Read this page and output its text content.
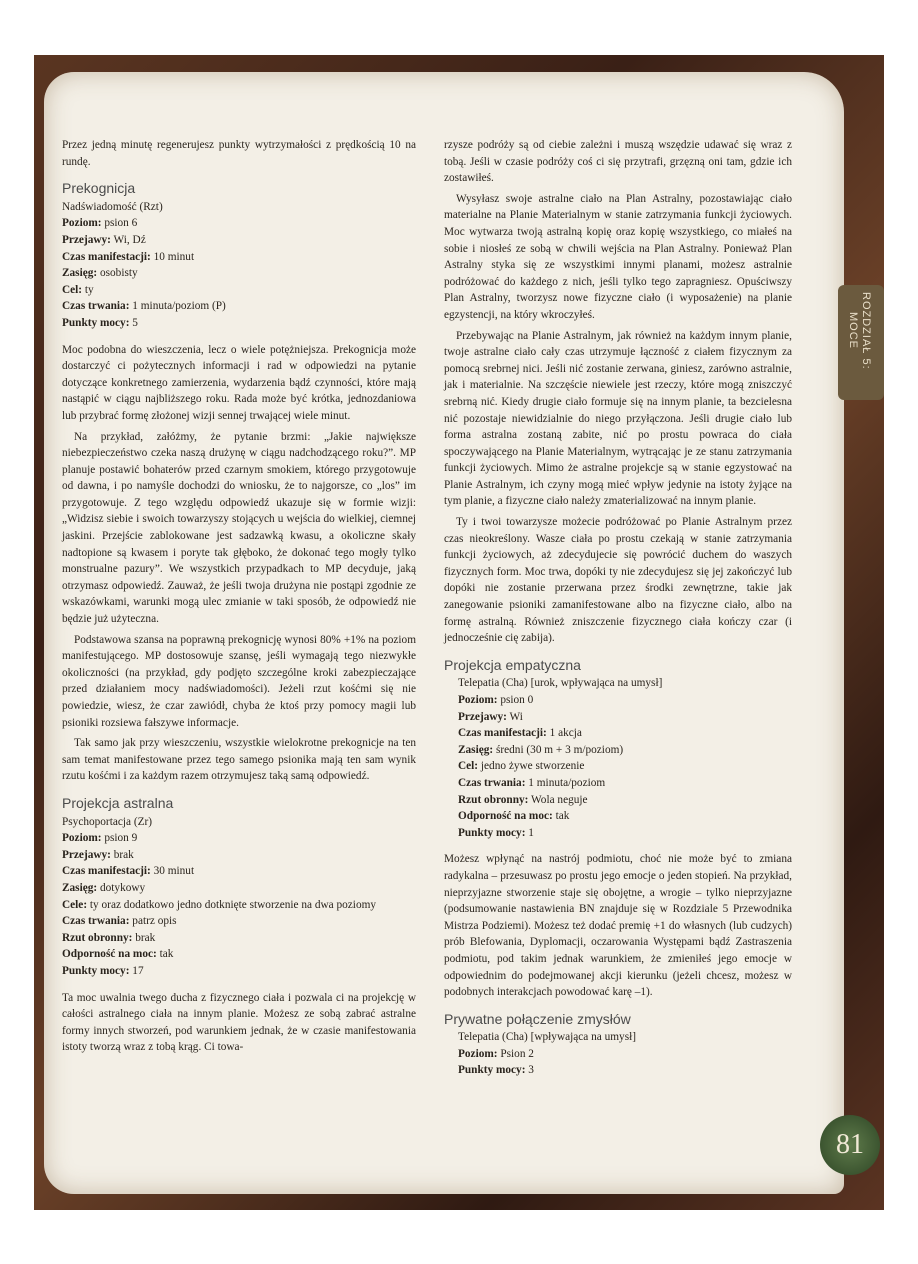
ROZDZIAŁ 5:
MOCE
81

Przez jedną minutę regenerujesz punkty wytrzymałości z prędkością 10 na rundę.

Prekognicja
Nadświadomość (Rzt)
Poziom: psion 6
Przejawy: Wi, Dź
Czas manifestacji: 10 minut
Zasięg: osobisty
Cel: ty
Czas trwania: 1 minuta/poziom (P)
Punkty mocy: 5

Moc podobna do wieszczenia, lecz o wiele potężniejsza. Prekognicja może dostarczyć ci pożytecznych informacji i rad w odpowiedzi na pytanie dotyczące konkretnego zamierzenia, wydarzenia bądź czynności, które mają nastąpić w ciągu najbliższego roku. Rada może być krótka, jednozdaniowa lub przybrać formę złożonej wizji sennej trwającej wiele minut.

Na przykład, załóżmy, że pytanie brzmi: „Jakie największe niebezpieczeństwo czeka naszą drużynę w ciągu nadchodzącego roku?”. MP planuje postawić bohaterów przed czarnym smokiem, którego przygotowuje od dawna, i po namyśle dochodzi do wniosku, że to najgorsze, co „los” im przygotowuje. Z tego względu odpowiedź ukazuje się w formie wizji: „Widzisz siebie i swoich towarzyszy stojących u wejścia do wielkiej, ciemnej jaskini. Przejście zablokowane jest sadzawką kwasu, a okoliczne skały nadtopione są kwasem i poryte tak głęboko, że dokonać tego mogły tylko monstrualne pazury”. We wszystkich przypadkach to MP decyduje, jaką otrzymasz odpowiedź. Zauważ, że jeśli twoja drużyna nie postąpi zgodnie ze wskazówkami, warunki mogą ulec zmianie w taki sposób, że odpowiedź nie będzie już użyteczna.

Podstawowa szansa na poprawną prekognicję wynosi 80% +1% na poziom manifestującego. MP dostosowuje szansę, jeśli wymagają tego niezwykłe okoliczności (na przykład, gdy podjęto szczególne kroki zabezpieczające przed działaniem mocy nadświadomości). Jeżeli rzut kośćmi się nie powiedzie, wiesz, że czar zawiódł, chyba że ktoś przy pomocy magii lub psioniki rozsiewa fałszywe informacje.

Tak samo jak przy wieszczeniu, wszystkie wielokrotne prekognicje na ten sam temat manifestowane przez tego samego psionika mają ten sam wynik rzutu kośćmi i za każdym razem otrzymujesz taką samą odpowiedź.

Projekcja astralna
Psychoportacja (Zr)
Poziom: psion 9
Przejawy: brak
Czas manifestacji: 30 minut
Zasięg: dotykowy
Cele: ty oraz dodatkowo jedno dotknięte stworzenie na dwa poziomy
Czas trwania: patrz opis
Rzut obronny: brak
Odporność na moc: tak
Punkty mocy: 17

Ta moc uwalnia twego ducha z fizycznego ciała i pozwala ci na projekcję w całości astralnego ciała na innym planie. Możesz ze sobą zabrać astralne formy innych stworzeń, pod warunkiem jednak, że w czasie manifestowania istoty tworzą wraz z tobą krąg. Ci towa-

rzysze podróży są od ciebie zależni i muszą wszędzie udawać się wraz z tobą. Jeśli w czasie podróży coś ci się przytrafi, grzęzną oni tam, gdzie ich zostawiłeś.

Wysyłasz swoje astralne ciało na Plan Astralny, pozostawiając ciało materialne na Planie Materialnym w stanie zatrzymania funkcji życiowych. Moc wytwarza twoją astralną kopię oraz kopię wszystkiego, co miałeś na sobie i niosłeś ze sobą w chwili wejścia na Plan Astralny. Ponieważ Plan Astralny styka się ze wszystkimi innymi planami, możesz astralnie podróżować do każdego z nich, jeśli tylko tego zapragniesz. Opuściwszy Plan Astralny, tworzysz nowe fizyczne ciało (i wyposażenie) na planie egzystencji, na który wkroczyłeś.

Przebywając na Planie Astralnym, jak również na każdym innym planie, twoje astralne ciało cały czas utrzymuje łączność z ciałem fizycznym za pomocą srebrnej nici. Jeśli nić zostanie zerwana, giniesz, zarówno astralnie, jak i materialnie. Na szczęście niewiele jest rzeczy, które mogą zniszczyć srebrną nić. Kiedy drugie ciało formuje się na innym planie, ta bezcielesna nić pozostaje niewidzialnie do niego przyłączona. Jeśli drugie ciało lub forma astralna zostaną zabite, nić po prostu powraca do ciała spoczywającego na Planie Materialnym, wytrącając je ze stanu zatrzymania funkcji życiowych. Mimo że astralne projekcje są w stanie egzystować na Planie Astralnym, ich czyny mogą mieć wpływ jedynie na istoty żyjące na tym planie, a fizyczne ciało należy zmaterializować na innym planie.

Ty i twoi towarzysze możecie podróżować po Planie Astralnym przez czas nieokreślony. Wasze ciała po prostu czekają w stanie zatrzymania funkcji życiowych, aż zdecydujecie się powrócić duchem do waszych fizycznych form. Moc trwa, dopóki ty nie zdecydujesz się jej zakończyć lub dopóki nie zostanie przerwana przez środki zewnętrzne, takie jak zanegowanie psioniki zamanifestowane albo na fizyczne ciało, albo na formę astralną. Również zniszczenie fizycznego ciała kończy czar (i jednocześnie cię zabija).

Projekcja empatyczna
Telepatia (Cha) [urok, wpływająca na umysł]
Poziom: psion 0
Przejawy: Wi
Czas manifestacji: 1 akcja
Zasięg: średni (30 m + 3 m/poziom)
Cel: jedno żywe stworzenie
Czas trwania: 1 minuta/poziom
Rzut obronny: Wola neguje
Odporność na moc: tak
Punkty mocy: 1

Możesz wpłynąć na nastrój podmiotu, choć nie może być to zmiana radykalna – przesuwasz po prostu jego emocje o jeden stopień. Na przykład, nieprzyjazne stworzenie staje się obojętne, a wrogie – tylko nieprzyjazne (podsumowanie nastawienia BN znajduje się w Rozdziale 5 Przewodnika Mistrza Podziemi). Możesz też dodać premię +1 do własnych (lub cudzych) prób Blefowania, Dyplomacji, oczarowania Występami bądź Zastraszenia podmiotu, pod takim jednak warunkiem, że zmieniłeś jego emocje w odpowiednim do podejmowanej akcji kierunku (jeżeli chcesz, możesz w podobnych interakcjach powodować karę –1).

Prywatne połączenie zmysłów
Telepatia (Cha) [wpływająca na umysł]
Poziom: Psion 2
Punkty mocy: 3
